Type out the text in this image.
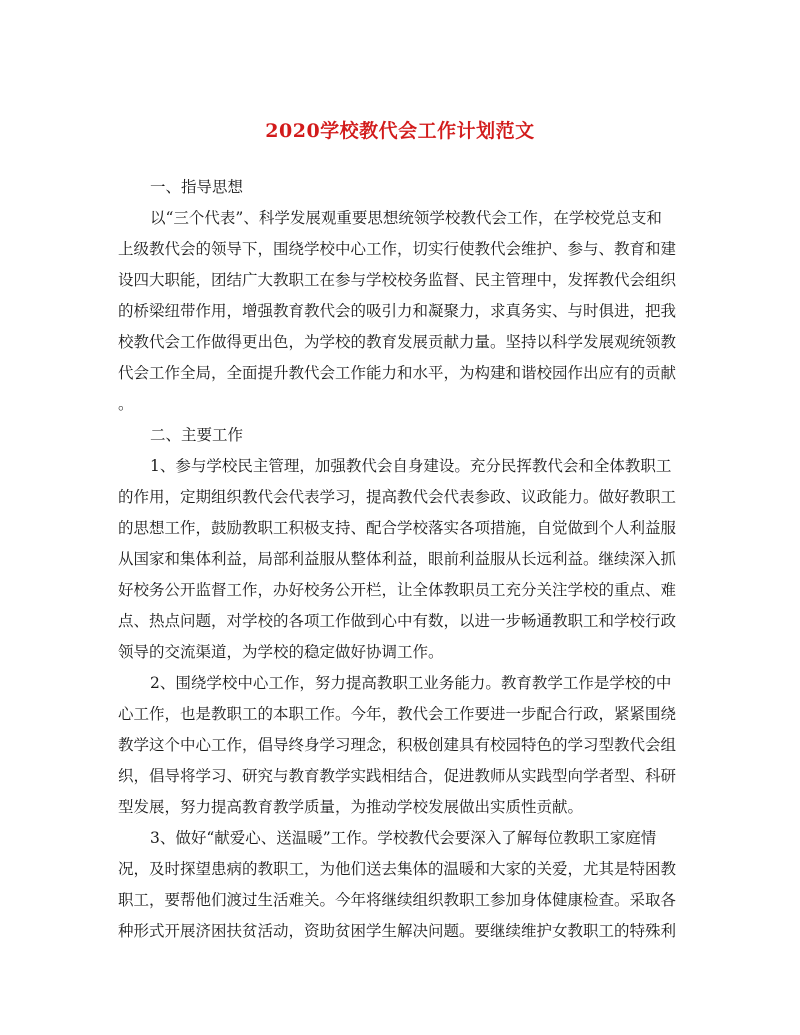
2020学校教代会工作计划范文
一、指导思想
以“三个代表”、科学发展观重要思想统领学校教代会工作，在学校党总支和
上级教代会的领导下，围绕学校中心工作，切实行使教代会维护、参与、教育和建
设四大职能，团结广大教职工在参与学校校务监督、民主管理中，发挥教代会组织
的桥梁纽带作用，增强教育教代会的吸引力和凝聚力，求真务实、与时俱进，把我
校教代会工作做得更出色，为学校的教育发展贡献力量。坚持以科学发展观统领教
代会工作全局，全面提升教代会工作能力和水平，为构建和谐校园作出应有的贡献
。
二、主要工作
1、参与学校民主管理，加强教代会自身建设。充分民挥教代会和全体教职工
的作用，定期组织教代会代表学习，提高教代会代表参政、议政能力。做好教职工
的思想工作，鼓励教职工积极支持、配合学校落实各项措施，自觉做到个人利益服
从国家和集体利益，局部利益服从整体利益，眼前利益服从长远利益。继续深入抓
好校务公开监督工作，办好校务公开栏，让全体教职员工充分关注学校的重点、难
点、热点问题，对学校的各项工作做到心中有数，以进一步畅通教职工和学校行政
领导的交流渠道，为学校的稳定做好协调工作。
2、围绕学校中心工作，努力提高教职工业务能力。教育教学工作是学校的中
心工作，也是教职工的本职工作。今年，教代会工作要进一步配合行政，紧紧围绕
教学这个中心工作，倡导终身学习理念，积极创建具有校园特色的学习型教代会组
织，倡导将学习、研究与教育教学实践相结合，促进教师从实践型向学者型、科研
型发展，努力提高教育教学质量，为推动学校发展做出实质性贡献。
3、做好“献爱心、送温暖”工作。学校教代会要深入了解每位教职工家庭情
况，及时探望患病的教职工，为他们送去集体的温暖和大家的关爱，尤其是特困教
职工，要帮他们渡过生活难关。今年将继续组织教职工参加身体健康检查。采取各
种形式开展济困扶贫活动，资助贫困学生解决问题。要继续维护女教职工的特殊利
